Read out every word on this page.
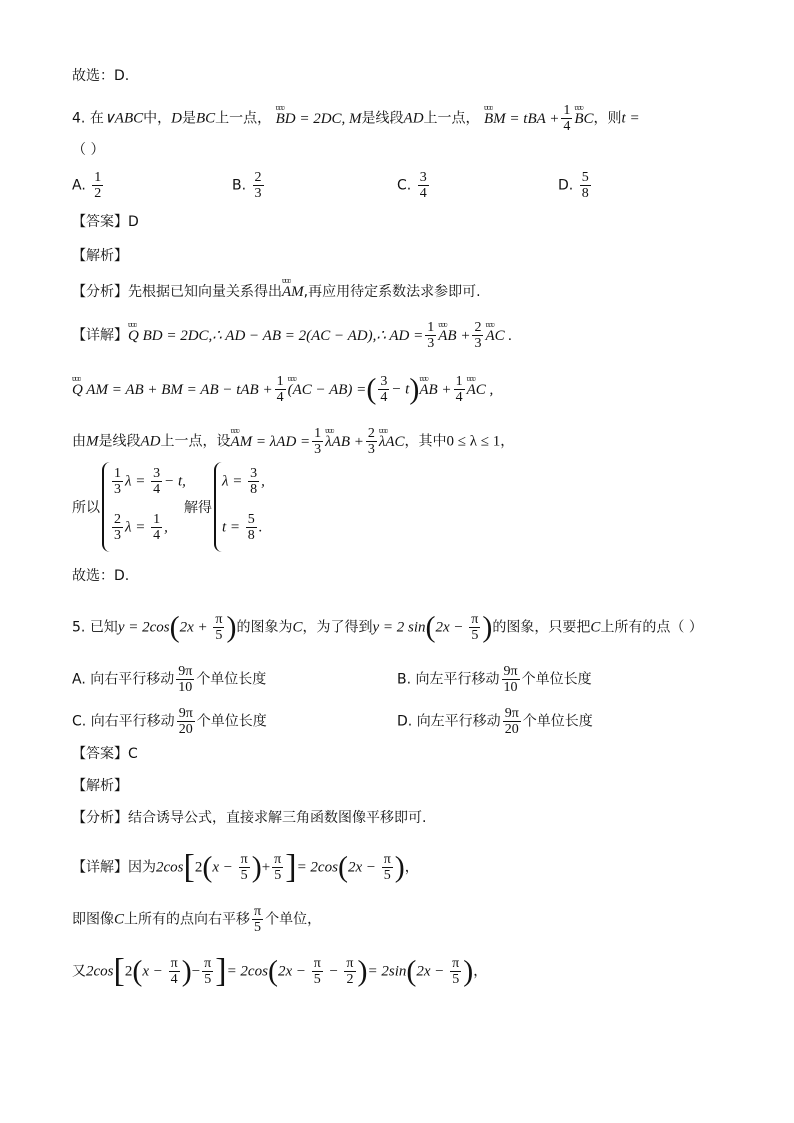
故选：D.
4. 在∨ABC中，D是BC上一点， ʋʋʋ BD = 2DC, M是线段AD上一点， ʋʋʋ BM = tBA + $\frac{1}{4}$ ʋʋʋ BC，则t =
（ ）
A. $\frac{1}{2}$	B. $\frac{2}{3}$	C. $\frac{3}{4}$	D. $\frac{5}{8}$
【答案】D
【解析】
【分析】先根据已知向量关系得出ʋʋʋ AM,再应用待定系数法求参即可.
【详解】ʋʋʋ Q BD = 2DC,∴ AD − AB = 2(AC − AD),∴ AD = $\frac{1}{3}$ ʋʋʋ AB + $\frac{2}{3}$ ʋʋʋ AC .
ʋʋʋ Q AM = AB + BM = AB − tAB + $\frac{1}{4}$ ʋʋʋ (AC − AB) =( $\frac{3}{4}$ − t)ʋʋʋ AB + $\frac{1}{4}$ ʋʋʋ AC ,
由M是线段AD上一点，设ʋʋʋ AM = $\lambda AD = \frac{1}{3}$ ʋʋʋ $\lambda AB + \frac{2}{3}$ ʋʋʋ λAC，其中0 ≤ λ ≤ 1，
所以
$\frac{1}{3}$ $\lambda = \frac{3}{4} - t$,
$\frac{2}{3}$ $\lambda = \frac{1}{4}$ ,
解得
$\lambda = \frac{3}{8}$ ,
$t = \frac{5}{8}$ .
故选：D.
5. 已知$y = 2\cos(2x + \frac{\pi}{5}$ )的图象为C，为了得到y = 2 $\sin(2x - \frac{\pi}{5}$ )的图象，只要把C上所有的点（ ）
A. 向右平行移动 $\frac{9\pi}{10}$ 个单位长度	B. 向左平行移动 $\frac{9\pi}{10}$ 个单位长度
C. 向右平行移动 $\frac{9\pi}{20}$ 个单位长度	D. 向左平行移动 $\frac{9\pi}{20}$ 个单位长度
【答案】C
【解析】
【分析】结合诱导公式，直接求解三角函数图像平移即可.
【详解】因为$2\cos[2(x - \frac{\pi}{5}$ )+ $\frac{\pi}{5}$ ]= $2\cos(2x - \frac{\pi}{5}$ )，
即图像C上所有的点向右平移 $\frac{\pi}{5}$ 个单位，
又$2\cos[2(x - \frac{\pi}{4}$ )− $\frac{\pi}{5}$ ]= $2\cos(2x - \frac{\pi}{5} - \frac{\pi}{2}$ )= $2\sin(2x - \frac{\pi}{5}$ )，
